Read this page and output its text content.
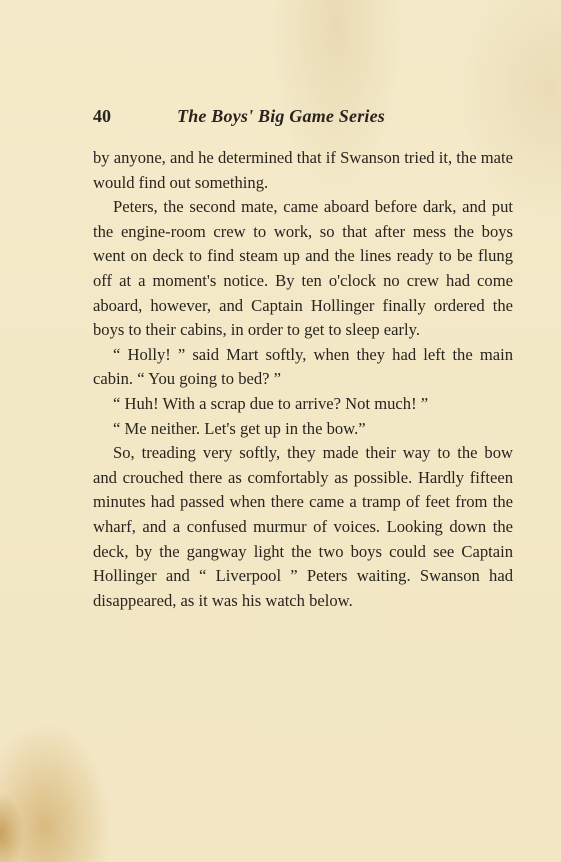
40	The Boys' Big Game Series

by anyone, and he determined that if Swanson tried it, the mate would find out something.

Peters, the second mate, came aboard before dark, and put the engine-room crew to work, so that after mess the boys went on deck to find steam up and the lines ready to be flung off at a moment's notice. By ten o'clock no crew had come aboard, however, and Captain Hollinger finally ordered the boys to their cabins, in order to get to sleep early.

“ Holly! ” said Mart softly, when they had left the main cabin. “ You going to bed? ”

“ Huh! With a scrap due to arrive? Not much! ”

“ Me neither. Let's get up in the bow.”

So, treading very softly, they made their way to the bow and crouched there as comfortably as possible. Hardly fifteen minutes had passed when there came a tramp of feet from the wharf, and a confused murmur of voices. Looking down the deck, by the gangway light the two boys could see Captain Hollinger and “ Liverpool ” Peters waiting. Swanson had disappeared, as it was his watch below.
